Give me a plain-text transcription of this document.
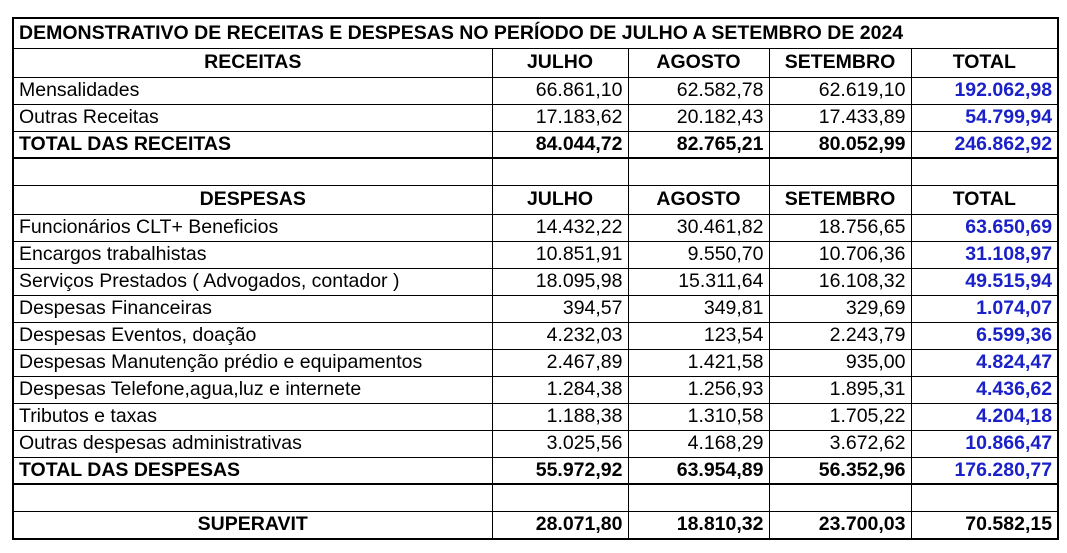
DEMONSTRATIVO DE RECEITAS E DESPESAS NO PERÍODO DE JULHO A SETEMBRO DE 2024				
RECEITAS	JULHO	AGOSTO	SETEMBRO	TOTAL
Mensalidades	66.861,10	62.582,78	62.619,10	192.062,98
Outras Receitas	17.183,62	20.182,43	17.433,89	54.799,94
TOTAL DAS RECEITAS	84.044,72	82.765,21	80.052,99	246.862,92

DESPESAS	JULHO	AGOSTO	SETEMBRO	TOTAL
Funcionários CLT+ Beneficios	14.432,22	30.461,82	18.756,65	63.650,69
Encargos trabalhistas	10.851,91	9.550,70	10.706,36	31.108,97
Serviços Prestados ( Advogados, contador )	18.095,98	15.311,64	16.108,32	49.515,94
Despesas Financeiras	394,57	349,81	329,69	1.074,07
Despesas Eventos, doação	4.232,03	123,54	2.243,79	6.599,36
Despesas Manutenção prédio e equipamentos	2.467,89	1.421,58	935,00	4.824,47
Despesas Telefone,agua,luz e internete	1.284,38	1.256,93	1.895,31	4.436,62
Tributos e taxas	1.188,38	1.310,58	1.705,22	4.204,18
Outras despesas administrativas	3.025,56	4.168,29	3.672,62	10.866,47
TOTAL DAS DESPESAS	55.972,92	63.954,89	56.352,96	176.280,77

SUPERAVIT	28.071,80	18.810,32	23.700,03	70.582,15
